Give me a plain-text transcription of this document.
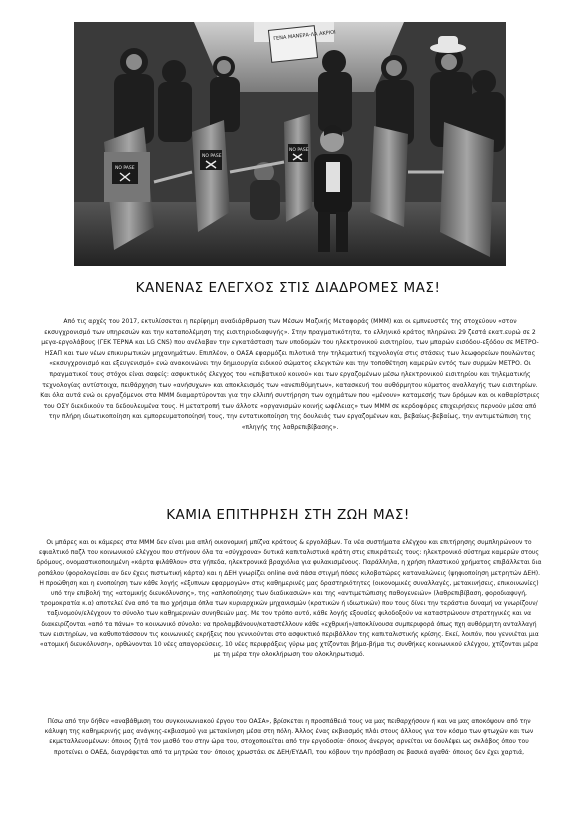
ΓΕΝΑ ΜΑΝΕΡΑ-ΛΑ ΑΚΡΙΟΙ
NO PASE
NO PASE
NO PASE
ΚΑΝΕΝΑΣ ΕΛΕΓΧΟΣ ΣΤΙΣ ΔΙΑΔΡΟΜΕΣ ΜΑΣ!
Από τις αρχές του 2017, εκτυλίσσεται η περίφημη αναδιάρθρωση των Μέσων Μαζικής Μεταφοράς (ΜΜΜ) και οι εμπνευστές της στοχεύουν «στον εκσυγχρονισμό των υπηρεσιών και την καταπολέμηση της εισιτηριοδιαφυγής». Στην πραγματικότητα, το ελληνικό κράτος πληρώνει 29 ζεστά εκατ.ευρώ σε 2 μεγα-εργολάβους (ΓΕΚ ΤΕΡΝΑ και LG CNS) που ανέλαβαν την εγκατάσταση των υποδομών του ηλεκτρονικού εισιτηρίου, των μπαρών εισόδου-εξόδου σε ΜΕΤΡΟ-ΗΣΑΠ και των νέων επικυρωτικών μηχανημάτων. Επιπλέον, ο ΟΑΣΑ εφαρμόζει πιλοτικά την τηλεματική τεχνολογία στις στάσεις των λεωφορείων πουλώντας «εκσυγχρονισμό και εξευγενισμό» ενώ ανακοινώνει την δημιουργία ειδικού σώματος ελεγκτών και την τοποθέτηση καμερών εντός των συρμών ΜΕΤΡΟ. Οι πραγματικοί τους στόχοι είναι σαφείς: ασφυκτικός έλεγχος του «επιβατικού κοινού» και των εργαζομένων μέσω ηλεκτρονικού εισιτηρίου και τηλεματικής τεχνολογίας αντίστοιχα, πειθάρχηση των «ανήσυχων» και αποκλεισμός των «ανεπιθύμητων», κατασκευή του αυθόρμητου κύματος αναλλαγής των εισιτηρίων. Και όλα αυτά ενώ οι εργαζόμενοι στα ΜΜΜ διαμαρτύρονται για την ελλιπή συντήρηση των οχημάτων που «μένουν» καταμεσής των δρόμων και οι καθαρίστριες του ΟΣΥ διεκδικούν τα δεδουλευμένα τους. Η μετατροπή των άλλοτε «οργανισμών κοινής ωφέλειας» των ΜΜΜ σε κερδοφόρες επιχειρήσεις περνούν μέσα από την πλήρη ιδιωτικοποίηση και εμπορευματοποίησή τους, την εντατικοποίηση της δουλειάς των εργαζομένων και, βεβαίως-βεβαίως, την αντιμετώπιση της «πληγής της λαθρεπιβίβασης».
ΚΑΜΙΑ ΕΠΙΤΗΡΗΣΗ ΣΤΗ ΖΩΗ ΜΑΣ!
Οι μπάρες και οι κάμερες στα ΜΜΜ δεν είναι μια απλή οικονομική μπίζνα κράτους & εργολάβων. Τα νέα συστήματα ελέγχου και επιτήρησης συμπληρώνουν το εφιαλτικό παζλ του κοινωνικού ελέγχου που στήνουν όλα τα «σύγχρονα» δυτικά καπιταλιστικά κράτη στις επικράτειές τους: ηλεκτρονικό σύστημα καμερών στους δρόμους, ονομαστικοποιημένη «κάρτα φιλάθλου» στα γήπεδα, ηλεκτρονικά βραχιόλια για φυλακισμένους. Παράλληλα, η χρήση πλαστικού χρήματος επιβάλλεται δια ροπάλου (φορολογείσαι αν δεν έχεις πιστωτική κάρτα) και η ΔΕΗ γνωρίζει online ανά πάσα στιγμή πόσες κιλοβατώρες καταναλώνεις (ψηφιοποίηση μετρητών ΔΕΗ). Η προώθηση και η ενοποίηση των κάθε λογής «έξυπνων εφαρμογών» στις καθημερινές μας δραστηριότητες (οικονομικές συναλλαγές, μετακινήσεις, επικοινωνίες) υπό την επιβολή της «ατομικής διευκόλυνσης», της «απλοποίησης των διαδικασιών» και της «αντιμετώπισης παθογενειών» (λαθρεπιβίβαση, φοροδιαφυγή, τρομοκρατία κ.α) αποτελεί ένα από τα πιο χρήσιμα όπλα των κυριαρχικών μηχανισμών (κρατικών ή ιδιωτικών) που τους δίνει την τεράστια δυναμή να γνωρίζουν/ταξινομούν/ελέγχουν το σύνολο των καθημερινών συνηθειών μας. Με τον τρόπο αυτό, κάθε λογής εξουσίες φιλοδοξούν να καταστρώνουν στρατηγικές και να διακειρίζονται «από τα πάνω» το κοινωνικό σύνολο: να προλαμβάνουν/καταστέλλουν κάθε «εχθρική»/αποκλίνουσα συμπεριφορά όπως πχη αυθόρμητη ανταλλαγή των εισιτηρίων, να καθυποτάσσουν τις κοινωνικές εκρήξεις που γεννιούνται στο ασφυκτικό περιβάλλον της καπιταλιστικής κρίσης. Εκεί, λοιπόν, που γεννιέται μια «ατομική διευκόλυνση», ορθώνονται 10 νέες απαγορεύσεις, 10 νέες περιφράξεις γύρω μας χτίζονται βήμα-βήμα τις συνθήκες κοινωνικού ελέγχου, χτίζονται μέρα με τη μέρα την ολοκλήρωση του ολοκληρωτισμό.
Πίσω από την δήθεν «αναβάθμιση του συγκοινωνιακού έργου του ΟΑΣΑ», βρίσκεται η προσπάθειά τους να μας πειθαρχήσουν ή και να μας αποκόψουν από την κάλυψη της καθημερινής μας ανάγκης-εκβιασμού για μετακίνηση μέσα στη πόλη. Άλλος ένας εκβιασμός πλάι στους άλλους για τον κόσμο των φτωχών και των εκμεταλλευομένων: όποιος ζητά τον μισθό του στην ώρα του, στοχοποιείται από την εργοδοσία· όποιος άνεργος αρνείται να δουλέψει ως σκλάβος όπου του προτείνει ο ΟΑΕΔ, διαγράφεται από τα μητρώα του· όποιος χρωστάει σε ΔΕΗ/ΕΥΔΑΠ, του κόβουν την πρόσβαση σε βασικά αγαθά· όποιος δεν έχει χαρτιά,
